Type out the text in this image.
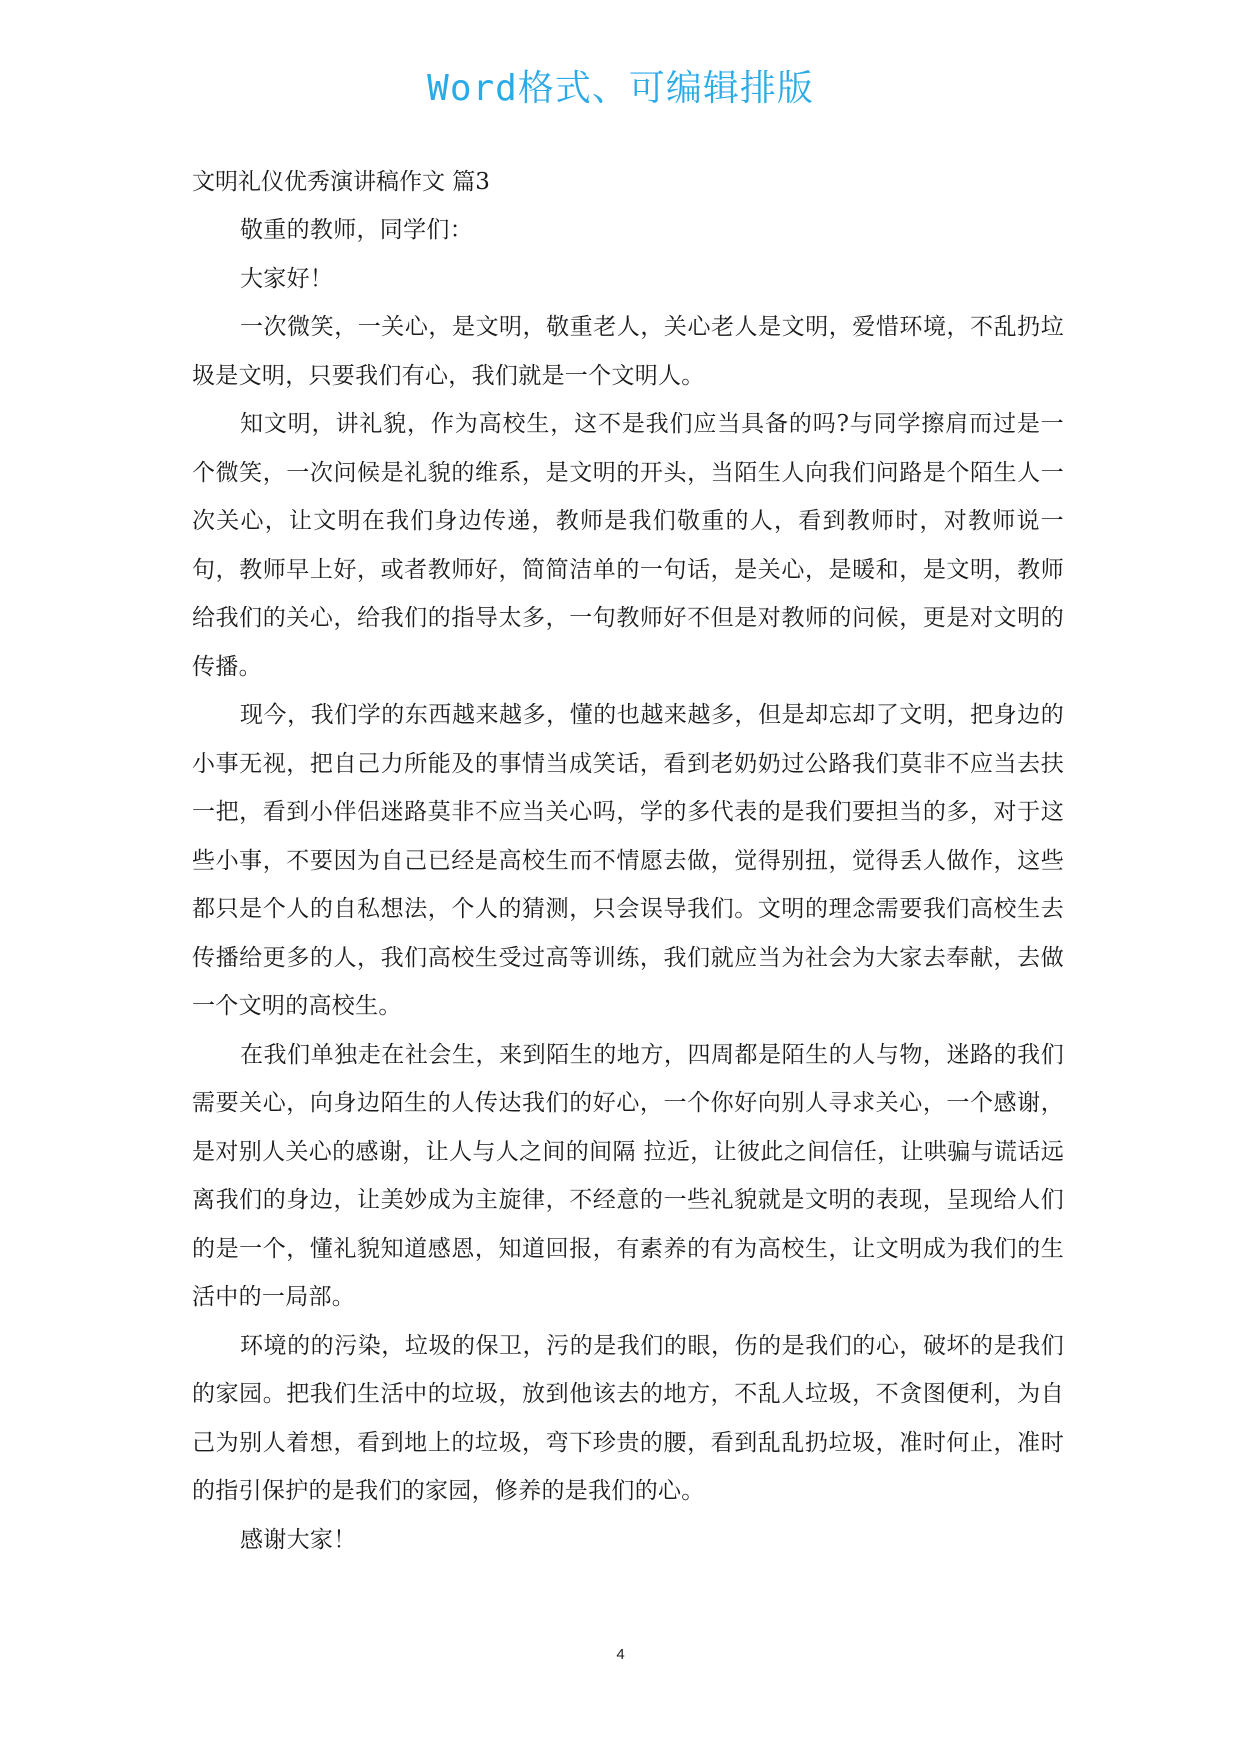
Word格式、可编辑排版

文明礼仪优秀演讲稿作文 篇3

敬重的教师，同学们：

大家好！

一次微笑，一关心，是文明，敬重老人，关心老人是文明，爱惜环境，不乱扔垃圾是文明，只要我们有心，我们就是一个文明人。

知文明，讲礼貌，作为高校生，这不是我们应当具备的吗?与同学擦肩而过是一个微笑，一次问候是礼貌的维系，是文明的开头，当陌生人向我们问路是个陌生人一次关心，让文明在我们身边传递，教师是我们敬重的人，看到教师时，对教师说一句，教师早上好，或者教师好，简简洁单的一句话，是关心，是暖和，是文明，教师给我们的关心，给我们的指导太多，一句教师好不但是对教师的问候，更是对文明的传播。

现今，我们学的东西越来越多，懂的也越来越多，但是却忘却了文明，把身边的小事无视，把自己力所能及的事情当成笑话，看到老奶奶过公路我们莫非不应当去扶一把，看到小伴侣迷路莫非不应当关心吗，学的多代表的是我们要担当的多，对于这些小事，不要因为自己已经是高校生而不情愿去做，觉得别扭，觉得丢人做作，这些都只是个人的自私想法，个人的猜测，只会误导我们。文明的理念需要我们高校生去传播给更多的人，我们高校生受过高等训练，我们就应当为社会为大家去奉献，去做一个文明的高校生。

在我们单独走在社会生，来到陌生的地方，四周都是陌生的人与物，迷路的我们需要关心，向身边陌生的人传达我们的好心，一个你好向别人寻求关心，一个感谢，是对别人关心的感谢，让人与人之间的间隔 拉近，让彼此之间信任，让哄骗与谎话远离我们的身边，让美妙成为主旋律，不经意的一些礼貌就是文明的表现，呈现给人们的是一个，懂礼貌知道感恩，知道回报，有素养的有为高校生，让文明成为我们的生活中的一局部。

环境的的污染，垃圾的保卫，污的是我们的眼，伤的是我们的心，破坏的是我们的家园。把我们生活中的垃圾，放到他该去的地方，不乱人垃圾，不贪图便利，为自己为别人着想，看到地上的垃圾，弯下珍贵的腰，看到乱乱扔垃圾，准时何止，准时的指引保护的是我们的家园，修养的是我们的心。

感谢大家！

4
